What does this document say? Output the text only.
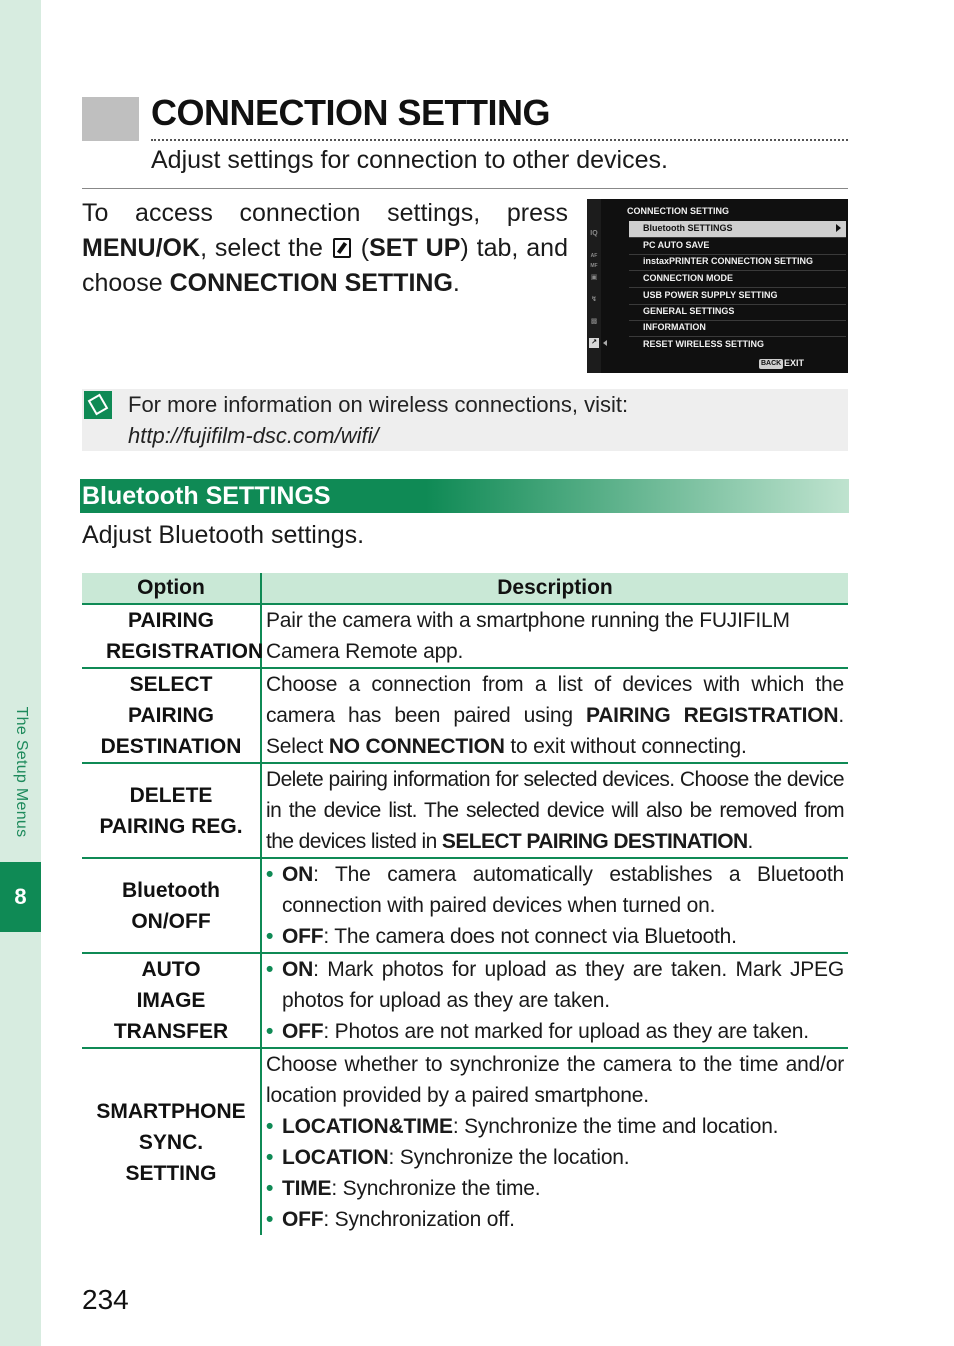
The Setup Menus
8
CONNECTION SETTING
Adjust settings for connection to other devices.
To access connection settings, press MENU/OK, select the  (SET UP) tab, and choose CONNECTION SETTING.
IQ
AF MF
▣
↯
▩
↗
CONNECTION SETTING
Bluetooth SETTINGS
PC AUTO SAVE
instaxPRINTER CONNECTION SETTING
CONNECTION MODE
USB POWER SUPPLY SETTING
GENERAL SETTINGS
INFORMATION
RESET WIRELESS SETTING
BACK EXIT
For more information on wireless connections, visit:
http://fujifilm-dsc.com/wifi/
Bluetooth SETTINGS
Adjust Bluetooth settings.
Option	Description

PAIRING REGISTRATION	Pair the camera with a smartphone running the FUJIFILM Camera Remote app.

SELECT PAIRING DESTINATION	Choose a connection from a list of devices with which the camera has been paired using PAIRING REGISTRATION. Select NO CONNECTION to exit without connecting.

DELETE PAIRING REG.	Delete pairing information for selected devices. Choose the device in the device list. The selected device will also be removed from the devices listed in SELECT PAIRING DESTINATION.
Bluetooth ON/OFF	• ON: The camera automatically establishes a Bluetooth connection with paired devices when turned on.
• OFF: The camera does not connect via Bluetooth.

AUTO IMAGE TRANSFER	• ON: Mark photos for upload as they are taken. Mark JPEG photos for upload as they are taken.
• OFF: Photos are not marked for upload as they are taken.

SMARTPHONE SYNC. SETTING	Choose whether to synchronize the camera to the time and/or location provided by a paired smartphone.
• LOCATION&TIME: Synchronize the time and location.
• LOCATION: Synchronize the location.
• TIME: Synchronize the time.
• OFF: Synchronization off.
234
